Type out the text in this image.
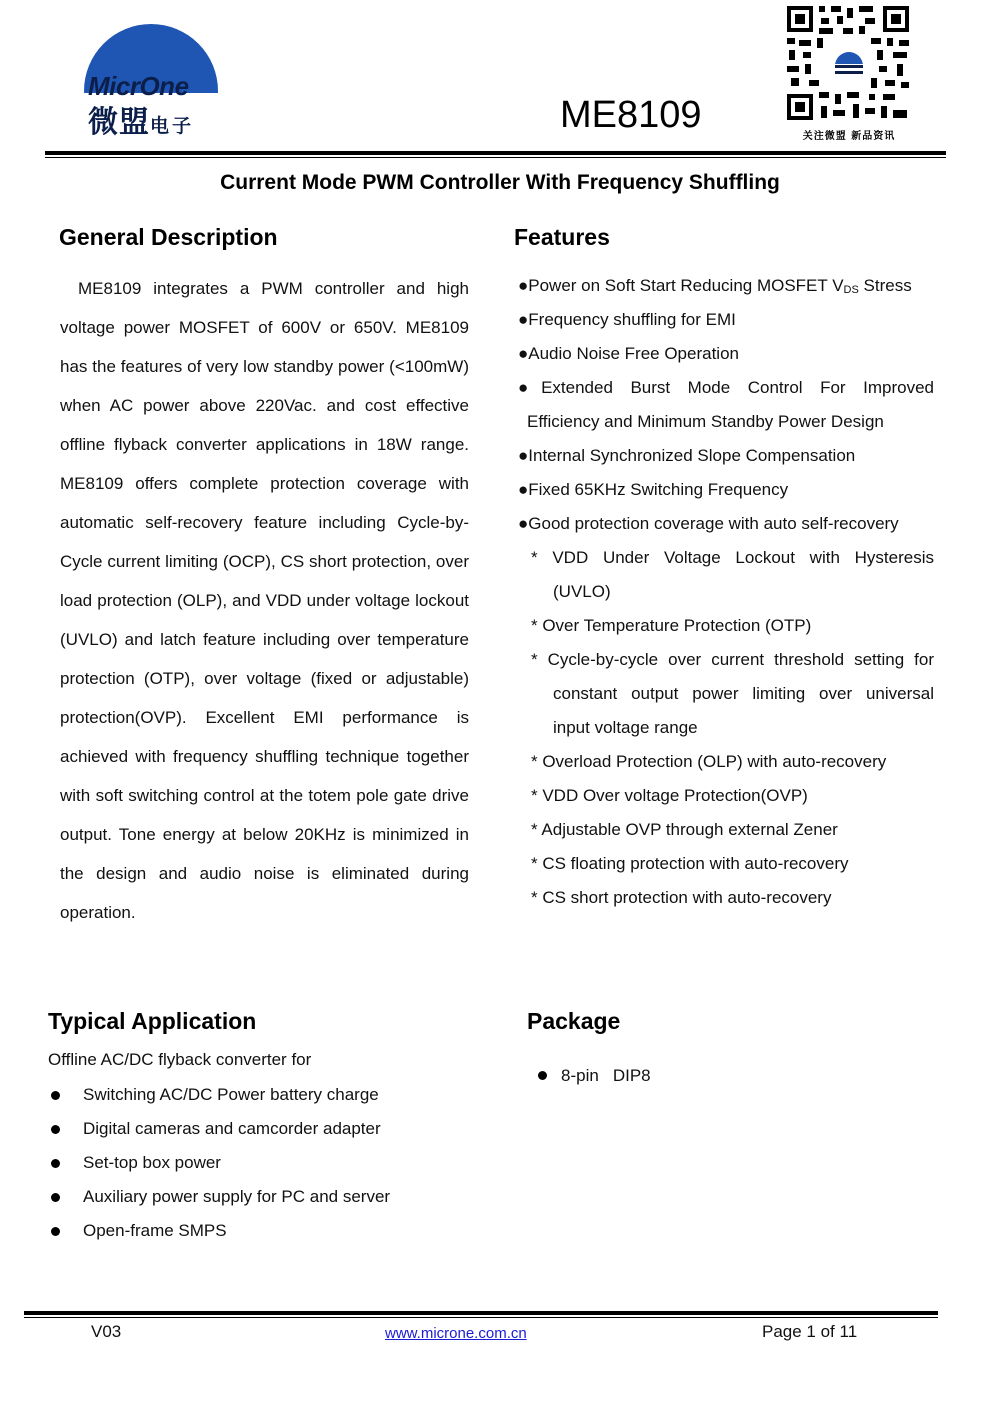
MicrOne
微盟电子	ME8109
关注微盟 新品资讯
Current Mode PWM Controller With Frequency Shuffling
General Description
ME8109 integrates a PWM controller and high voltage power MOSFET of 600V or 650V. ME8109 has the features of very low standby power (<100mW) when AC power above 220Vac. and cost effective offline flyback converter applications in 18W range. ME8109 offers complete protection coverage with automatic self-recovery feature including Cycle-by-Cycle current limiting (OCP), CS short protection, over load protection (OLP), and VDD under voltage lockout (UVLO) and latch feature including over temperature protection (OTP), over voltage (fixed or adjustable) protection(OVP). Excellent EMI performance is achieved with frequency shuffling technique together with soft switching control at the totem pole gate drive output. Tone energy at below 20KHz is minimized in the design and audio noise is eliminated during operation.
Features
●Power on Soft Start Reducing MOSFET $V_{DS}$ Stress
●Frequency shuffling for EMI
●Audio Noise Free Operation
●Extended Burst Mode Control For Improved
Efficiency and Minimum Standby Power Design
●Internal Synchronized Slope Compensation
●Fixed 65KHz Switching Frequency
●Good protection coverage with auto self-recovery
* VDD Under Voltage Lockout with Hysteresis
(UVLO)
* Over Temperature Protection (OTP)
* Cycle-by-cycle over current threshold setting for
constant output power limiting over universal
input voltage range
* Overload Protection (OLP) with auto-recovery
* VDD Over voltage Protection(OVP)
* Adjustable OVP through external Zener
* CS floating protection with auto-recovery
* CS short protection with auto-recovery
Typical Application
Offline AC/DC flyback converter for
Switching AC/DC Power battery charge
Digital cameras and camcorder adapter
Set-top box power
Auxiliary power supply for PC and server
Open-frame SMPS
Package
8-pin DIP8
V03	www.microne.com.cn	Page 1 of 11
